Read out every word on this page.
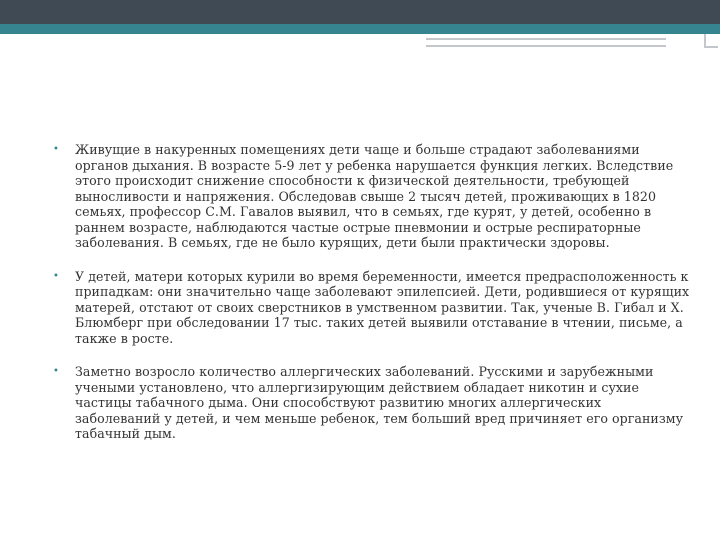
•	Живущие в накуренных помещениях дети чаще и больше страдают заболеваниями органов дыхания. В возрасте 5-9 лет у ребенка нарушается функция легких. Вследствие этого происходит снижение способности к физической деятельности, требующей выносливости и напряжения. Обследовав свыше 2 тысяч детей, проживающих в 1820 семьях, профессор С.М. Гавалов выявил, что в семьях, где курят, у детей, особенно в раннем возрасте, наблюдаются частые острые пневмонии и острые респираторные заболевания. В семьях, где не было курящих, дети были практически здоровы.
•	У детей, матери которых курили во время беременности, имеется предрасположенность к припадкам: они значительно чаще заболевают эпилепсией. Дети, родившиеся от курящих матерей, отстают от своих сверстников в умственном развитии. Так, ученые В. Гибал и Х. Блюмберг при обследовании 17 тыс. таких детей выявили отставание в чтении, письме, а также в росте.
•	Заметно возросло количество аллергических заболеваний. Русскими и зарубежными учеными установлено, что аллергизирующим действием обладает никотин и сухие частицы табачного дыма. Они способствуют развитию многих аллергических заболеваний у детей, и чем меньше ребенок, тем больший вред причиняет его организму табачный дым.
